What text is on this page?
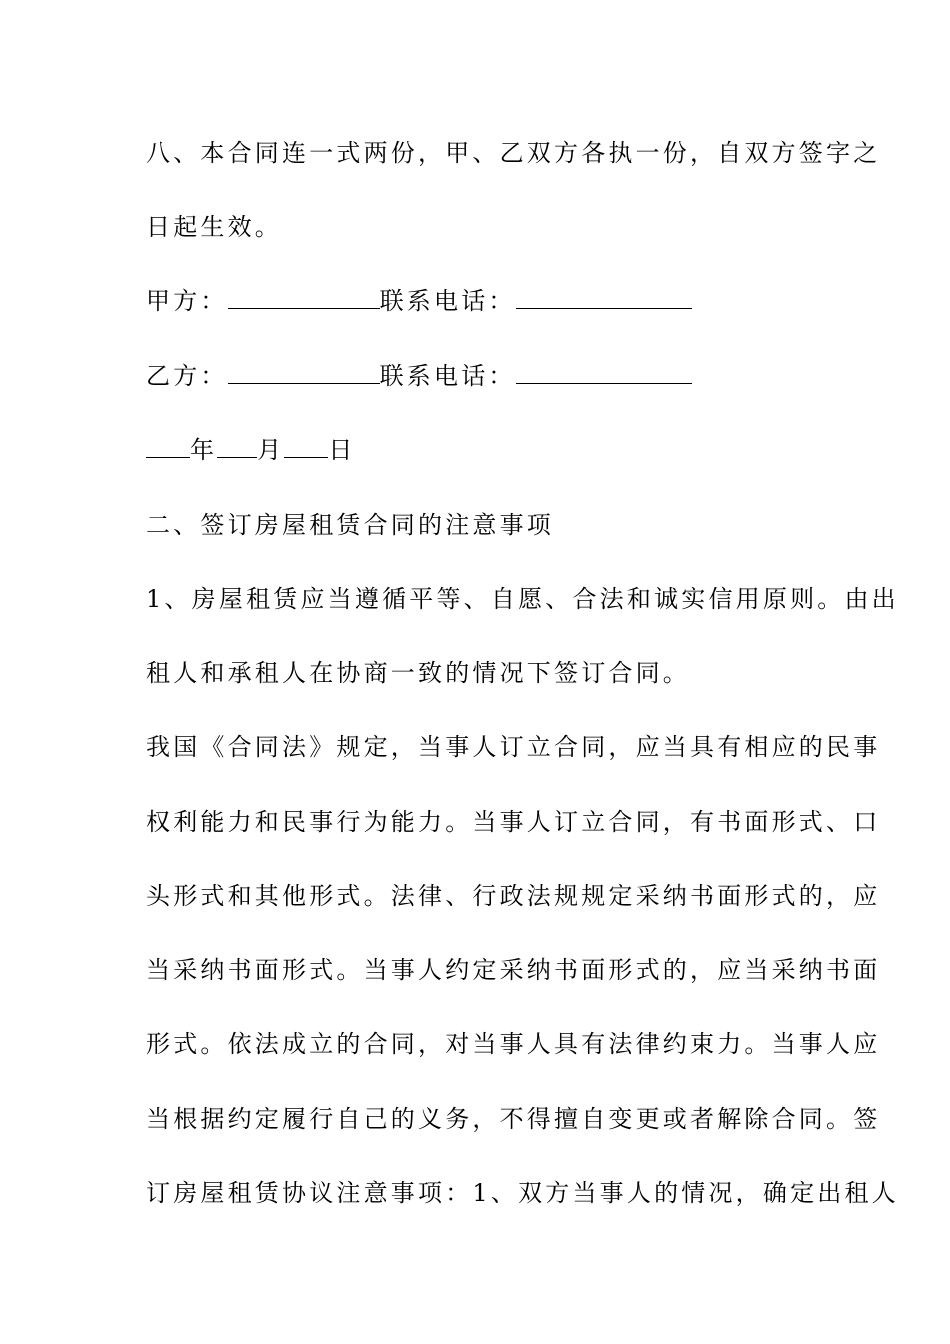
八、本合同连一式两份，甲、乙双方各执一份，自双方签字之
日起生效。
甲方：	联系电话：
乙方：	联系电话：
年 月 日
二、签订房屋租赁合同的注意事项
1、房屋租赁应当遵循平等、自愿、合法和诚实信用原则。由出
租人和承租人在协商一致的情况下签订合同。
我国《合同法》规定，当事人订立合同，应当具有相应的民事
权利能力和民事行为能力。当事人订立合同，有书面形式、口
头形式和其他形式。法律、行政法规规定采纳书面形式的，应
当采纳书面形式。当事人约定采纳书面形式的，应当采纳书面
形式。依法成立的合同，对当事人具有法律约束力。当事人应
当根据约定履行自己的义务，不得擅自变更或者解除合同。签
订房屋租赁协议注意事项：1、双方当事人的情况，确定出租人
